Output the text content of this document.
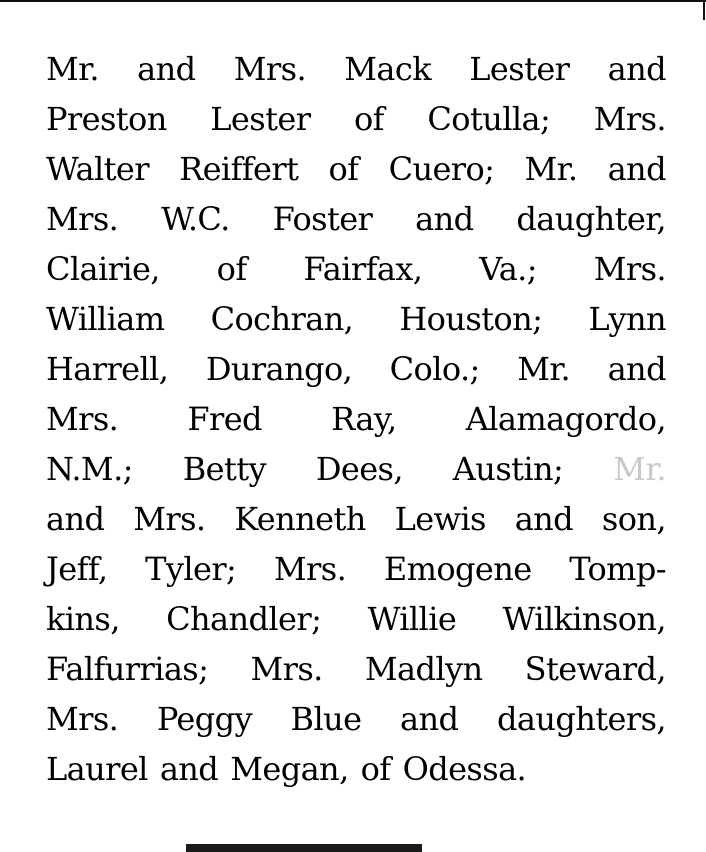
Mr. and Mrs. Mack Lester and
Preston Lester of Cotulla; Mrs.
Walter Reiffert of Cuero; Mr. and
Mrs. W.C. Foster and daughter,
Clairie, of Fairfax, Va.; Mrs.
William Cochran, Houston; Lynn
Harrell, Durango, Colo.; Mr. and
Mrs. Fred Ray, Alamagordo,
N.M.; Betty Dees, Austin; Mr.
and Mrs. Kenneth Lewis and son,
Jeff, Tyler; Mrs. Emogene Tomp-
kins, Chandler; Willie Wilkinson,
Falfurrias; Mrs. Madlyn Steward,
Mrs. Peggy Blue and daughters,
Laurel and Megan, of Odessa.
